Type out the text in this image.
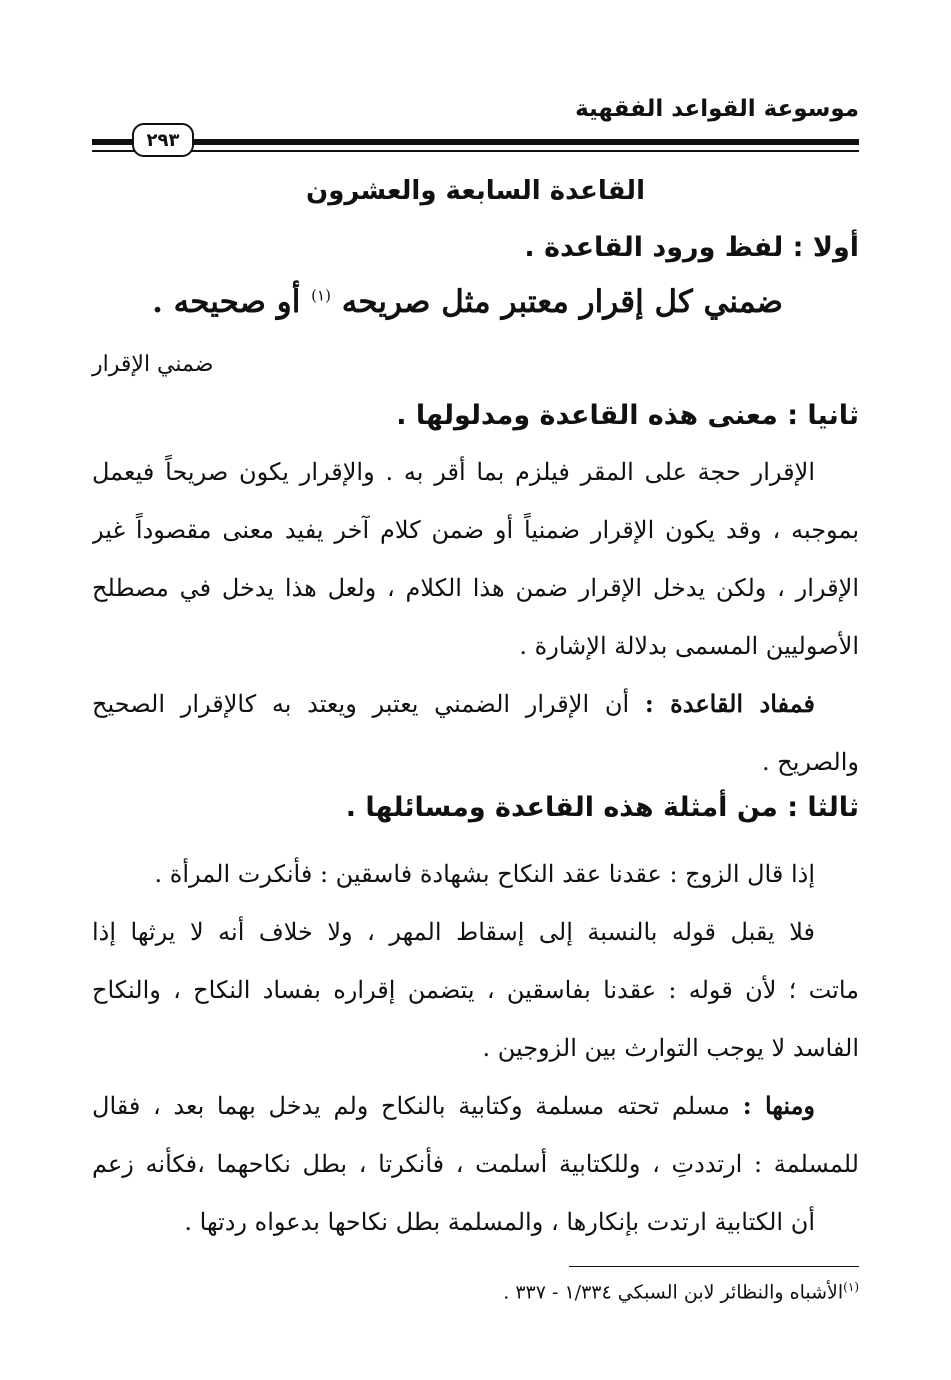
موسوعة القواعد الفقهية
٢٩٣
القاعدة السابعة والعشرون
أولا : لفظ ورود القاعدة .
ضمني كل إقرار معتبر مثل صريحه $^{(١)}$ أو صحيحه .
ضمني الإقرار
ثانيا : معنى هذه القاعدة ومدلولها .
الإقرار حجة على المقر فيلزم بما أقر به . والإقرار يكون صريحاً فيعمل
بموجبه ، وقد يكون الإقرار ضمنياً أو ضمن كلام آخر يفيد معنى مقصوداً غير
الإقرار ، ولكن يدخل الإقرار ضمن هذا الكلام ، ولعل هذا يدخل في مصطلح
الأصوليين المسمى بدلالة الإشارة .
فمفاد القاعدة : أن الإقرار الضمني يعتبر ويعتد به كالإقرار الصحيح
والصريح .
ثالثا : من أمثلة هذه القاعدة ومسائلها .
إذا قال الزوج : عقدنا عقد النكاح بشهادة فاسقين : فأنكرت المرأة .
فلا يقبل قوله بالنسبة إلى إسقاط المهر ، ولا خلاف أنه لا يرثها إذا
ماتت ؛ لأن قوله : عقدنا بفاسقين ، يتضمن إقراره بفساد النكاح ، والنكاح
الفاسد لا يوجب التوارث بين الزوجين .
ومنها : مسلم تحته مسلمة وكتابية بالنكاح ولم يدخل بهما بعد ، فقال
للمسلمة : ارتددتِ ، وللكتابية أسلمت ، فأنكرتا ، بطل نكاحهما ،فكأنه زعم
أن الكتابية ارتدت بإنكارها ، والمسلمة بطل نكاحها بدعواه ردتها .
$^{(١)}$الأشباه والنظائر لابن السبكي ١/٣٣٤ - ٣٣٧ .
